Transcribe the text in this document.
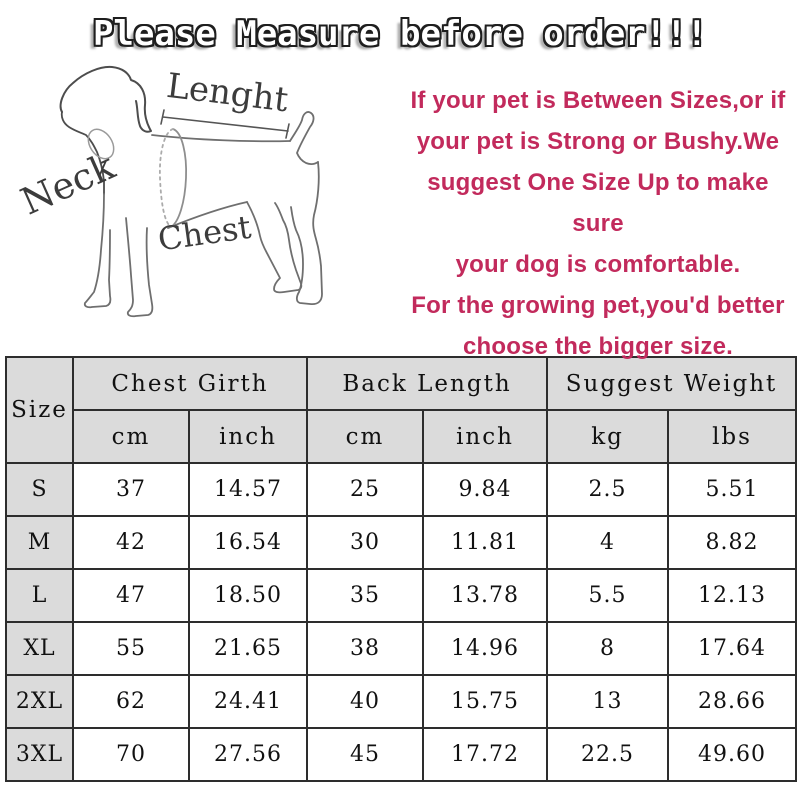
Please Measure before order!!!
Neck
Lenght
Chest
If your pet is Between Sizes,or if
your pet is Strong or Bushy.We
suggest One Size Up to make sure
your dog is comfortable.
For the growing pet,you'd better
choose the bigger size.
Size	Chest Girth		Back Length		Suggest Weight	
	cm	inch	cm	inch	kg	lbs
S	37	14.57	25	9.84	2.5	5.51
M	42	16.54	30	11.81	4	8.82
L	47	18.50	35	13.78	5.5	12.13
XL	55	21.65	38	14.96	8	17.64
2XL	62	24.41	40	15.75	13	28.66
3XL	70	27.56	45	17.72	22.5	49.60
